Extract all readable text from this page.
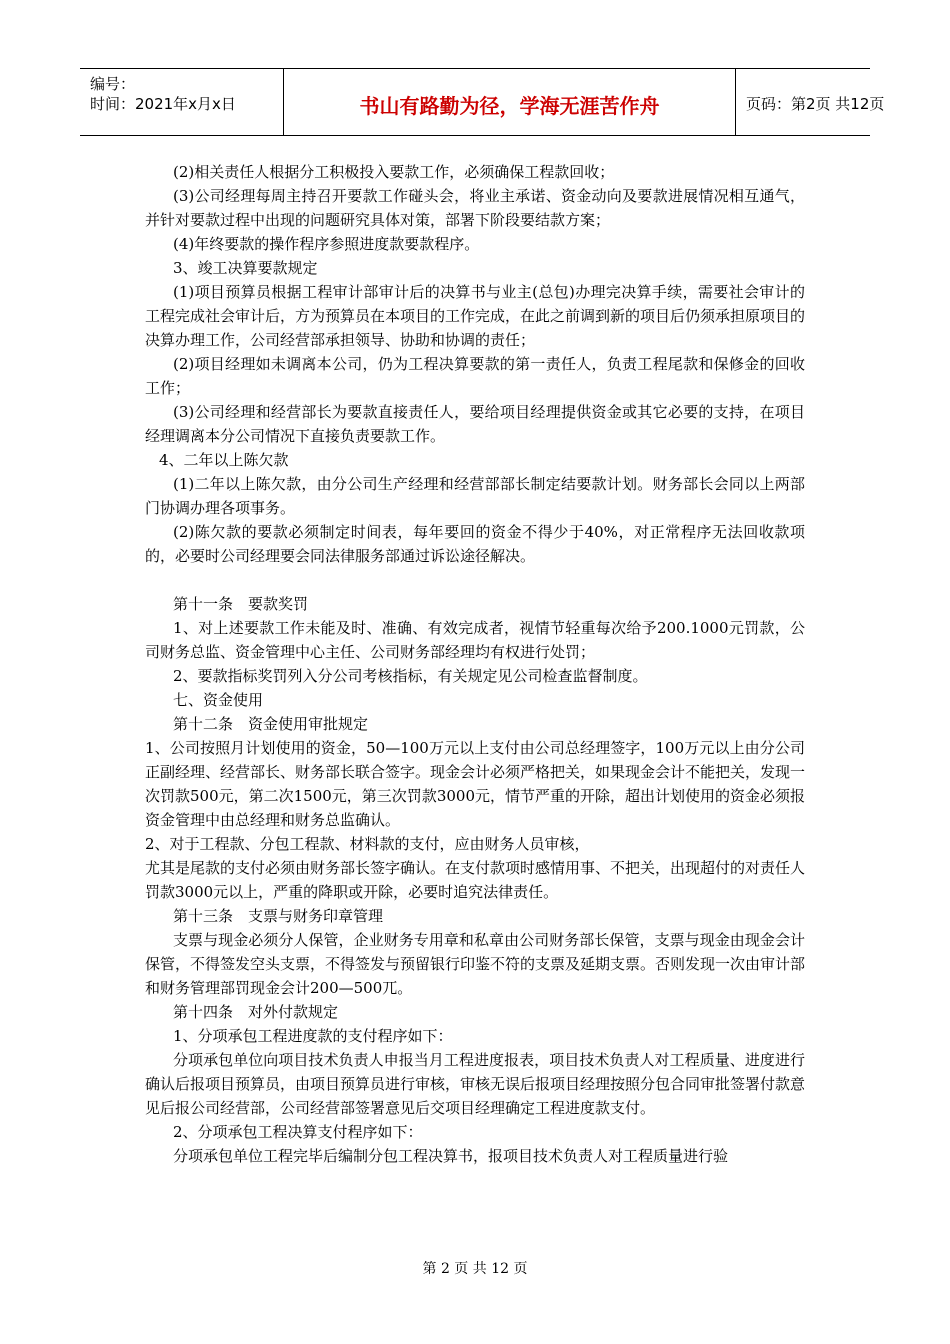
编号：
时间：2021年x月x日	书山有路勤为径，学海无涯苦作舟	页码：第2页 共12页

(2)相关责任人根据分工积极投入要款工作，必须确保工程款回收；

(3)公司经理每周主持召开要款工作碰头会，将业主承诺、资金动向及要款进展情况相互通气，并针对要款过程中出现的问题研究具体对策，部署下阶段要结款方案；

(4)年终要款的操作程序参照进度款要款程序。

3、竣工决算要款规定

(1)项目预算员根据工程审计部审计后的决算书与业主(总包)办理完决算手续，需要社会审计的工程完成社会审计后，方为预算员在本项目的工作完成，在此之前调到新的项目后仍须承担原项目的决算办理工作，公司经营部承担领导、协助和协调的责任；

(2)项目经理如未调离本公司，仍为工程决算要款的第一责任人，负责工程尾款和保修金的回收工作；

(3)公司经理和经营部长为要款直接责任人，要给项目经理提供资金或其它必要的支持，在项目经理调离本分公司情况下直接负责要款工作。

4、二年以上陈欠款

(1)二年以上陈欠款，由分公司生产经理和经营部部长制定结要款计划。财务部长会同以上两部门协调办理各项事务。

(2)陈欠款的要款必须制定时间表，每年要回的资金不得少于40%，对正常程序无法回收款项的，必要时公司经理要会同法律服务部通过诉讼途径解决。

第十一条　要款奖罚

1、对上述要款工作未能及时、准确、有效完成者，视情节轻重每次给予200.1000元罚款，公司财务总监、资金管理中心主任、公司财务部经理均有权进行处罚；

2、要款指标奖罚列入分公司考核指标，有关规定见公司检查监督制度。

七、资金使用

第十二条　资金使用审批规定

1、公司按照月计划使用的资金，50—100万元以上支付由公司总经理签字，100万元以上由分公司正副经理、经营部长、财务部长联合签字。现金会计必须严格把关，如果现金会计不能把关，发现一次罚款500元，第二次1500元，第三次罚款3000元，情节严重的开除，超出计划使用的资金必须报资金管理中由总经理和财务总监确认。

2、对于工程款、分包工程款、材料款的支付，应由财务人员审核，

尤其是尾款的支付必须由财务部长签字确认。在支付款项时感情用事、不把关，出现超付的对责任人罚款3000元以上，严重的降职或开除，必要时追究法律责任。

第十三条　支票与财务印章管理

支票与现金必须分人保管，企业财务专用章和私章由公司财务部长保管，支票与现金由现金会计保管，不得签发空头支票，不得签发与预留银行印鉴不符的支票及延期支票。否则发现一次由审计部和财务管理部罚现金会计200—500兀。

第十四条　对外付款规定

1、分项承包工程进度款的支付程序如下：

分项承包单位向项目技术负责人申报当月工程进度报表，项目技术负责人对工程质量、进度进行确认后报项目预算员，由项目预算员进行审核，审核无误后报项目经理按照分包合同审批签署付款意见后报公司经营部，公司经营部签署意见后交项目经理确定工程进度款支付。

2、分项承包工程决算支付程序如下：

分项承包单位工程完毕后编制分包工程决算书，报项目技术负责人对工程质量进行验

第 2 页 共 12 页
